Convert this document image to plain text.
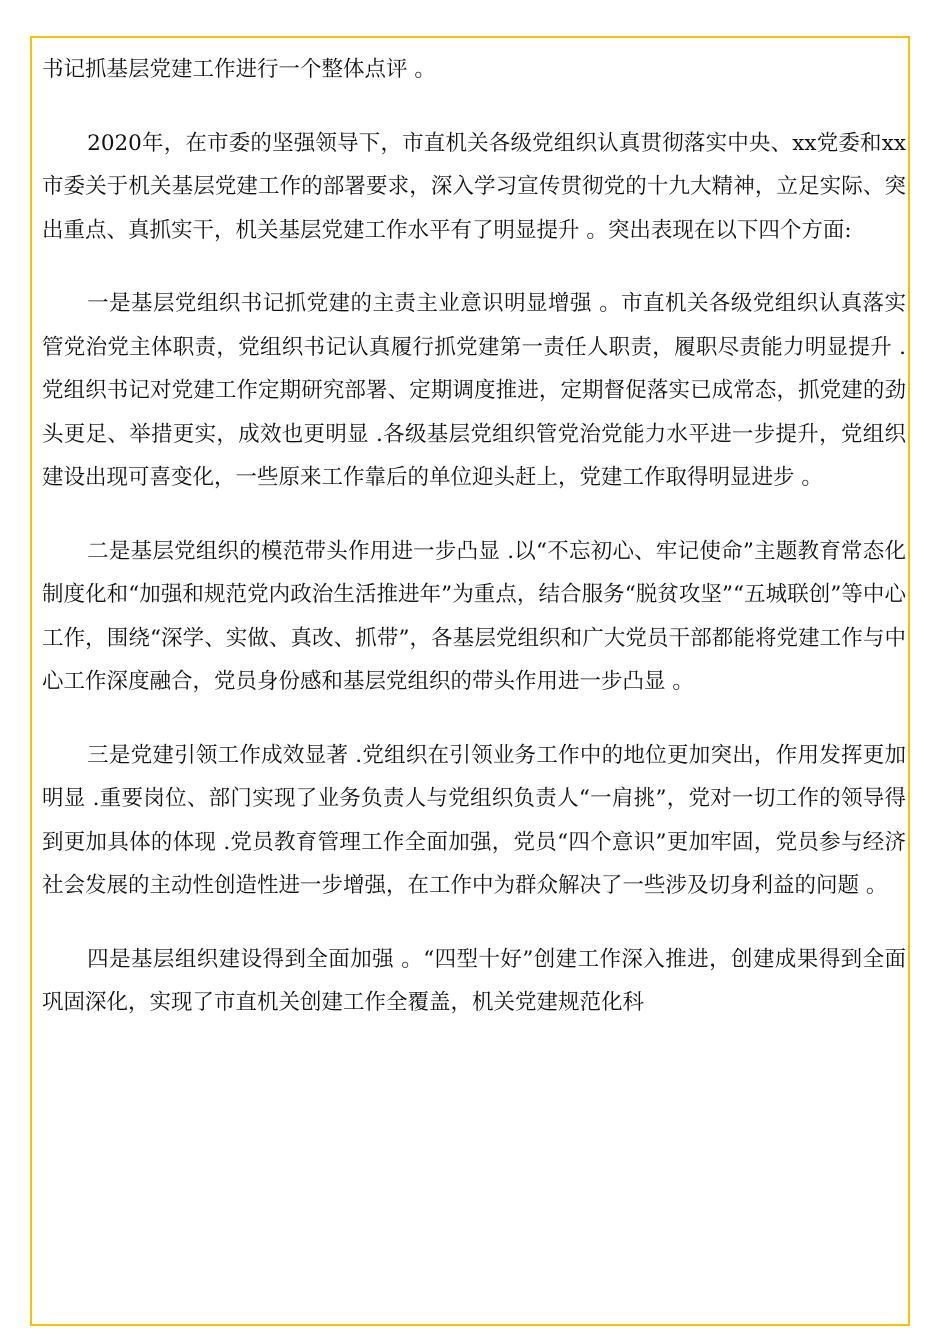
书记抓基层党建工作进行一个整体点评 。

2020年，在市委的坚强领导下，市直机关各级党组织认真贯彻落实中央、xx党委和xx市委关于机关基层党建工作的部署要求，深入学习宣传贯彻党的十九大精神，立足实际、突出重点、真抓实干，机关基层党建工作水平有了明显提升 。突出表现在以下四个方面:

一是基层党组织书记抓党建的主责主业意识明显增强 。市直机关各级党组织认真落实管党治党主体职责，党组织书记认真履行抓党建第一责任人职责，履职尽责能力明显提升 .党组织书记对党建工作定期研究部署、定期调度推进，定期督促落实已成常态，抓党建的劲头更足、举措更实，成效也更明显 .各级基层党组织管党治党能力水平进一步提升，党组织建设出现可喜变化，一些原来工作靠后的单位迎头赶上，党建工作取得明显进步 。

二是基层党组织的模范带头作用进一步凸显 .以“不忘初心、牢记使命”主题教育常态化制度化和“加强和规范党内政治生活推进年”为重点，结合服务“脱贫攻坚”“五城联创”等中心工作，围绕“深学、实做、真改、抓带”，各基层党组织和广大党员干部都能将党建工作与中心工作深度融合，党员身份感和基层党组织的带头作用进一步凸显 。

三是党建引领工作成效显著 .党组织在引领业务工作中的地位更加突出，作用发挥更加明显 .重要岗位、部门实现了业务负责人与党组织负责人“一肩挑”，党对一切工作的领导得到更加具体的体现 .党员教育管理工作全面加强，党员“四个意识”更加牢固，党员参与经济社会发展的主动性创造性进一步增强，在工作中为群众解决了一些涉及切身利益的问题 。

四是基层组织建设得到全面加强 。“四型十好”创建工作深入推进，创建成果得到全面巩固深化，实现了市直机关创建工作全覆盖，机关党建规范化科
